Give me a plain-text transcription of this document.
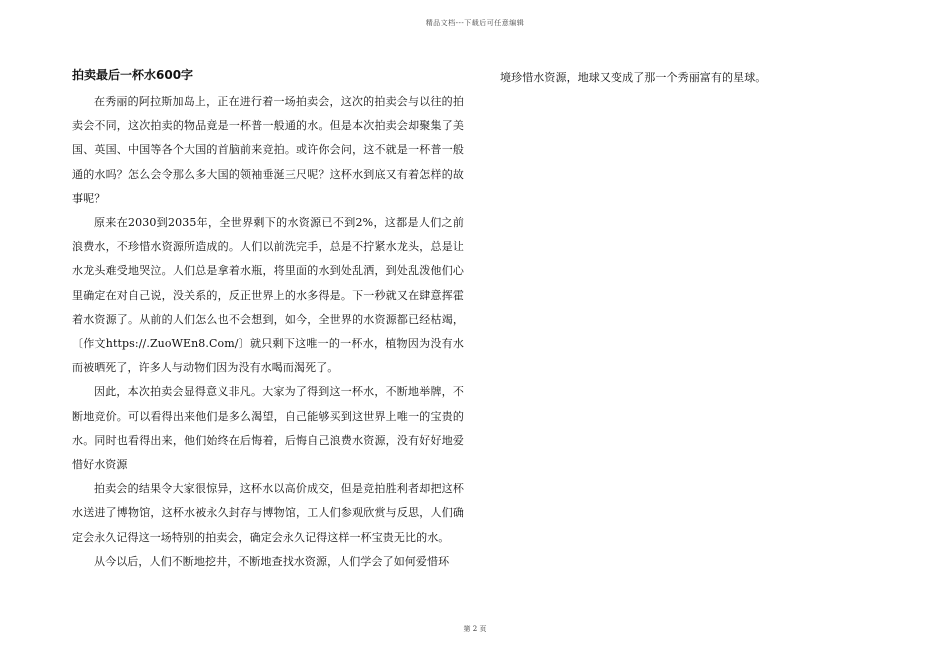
精品文档---下载后可任意编辑
拍卖最后一杯水600字

在秀丽的阿拉斯加岛上，正在进行着一场拍卖会，这次的拍卖会与以往的拍卖会不同，这次拍卖的物品竟是一杯普一般通的水。但是本次拍卖会却聚集了美国、英国、中国等各个大国的首脑前来竞拍。或许你会问，这不就是一杯普一般通的水吗？怎么会令那么多大国的领袖垂涎三尺呢？这杯水到底又有着怎样的故事呢？

原来在2030到2035年，全世界剩下的水资源已不到2%，这都是人们之前浪费水，不珍惜水资源所造成的。人们以前洗完手，总是不拧紧水龙头，总是让水龙头难受地哭泣。人们总是拿着水瓶，将里面的水到处乱洒，到处乱泼他们心里确定在对自己说，没关系的，反正世界上的水多得是。下一秒就又在肆意挥霍着水资源了。从前的人们怎么也不会想到，如今，全世界的水资源都已经枯竭，〔作文https://.ZuoWEn8.Com/〕就只剩下这唯一的一杯水，植物因为没有水而被晒死了，许多人与动物们因为没有水喝而渴死了。

因此，本次拍卖会显得意义非凡。大家为了得到这一杯水，不断地举牌，不断地竞价。可以看得出来他们是多么渴望，自己能够买到这世界上唯一的宝贵的水。同时也看得出来，他们始终在后悔着，后悔自己浪费水资源，没有好好地爱惜好水资源

拍卖会的结果令大家很惊异，这杯水以高价成交，但是竞拍胜利者却把这杯水送进了博物馆，这杯水被永久封存与博物馆，工人们参观欣赏与反思，人们确定会永久记得这一场特别的拍卖会，确定会永久记得这样一杯宝贵无比的水。

从今以后，人们不断地挖井，不断地查找水资源，人们学会了如何爱惜环

境珍惜水资源，地球又变成了那一个秀丽富有的星球。

第 2 页
